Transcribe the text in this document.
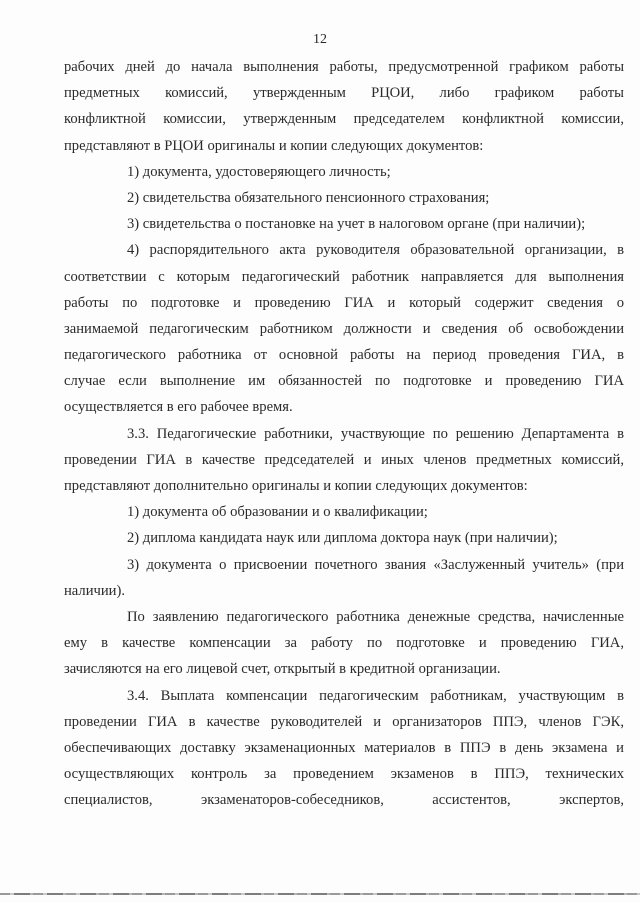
12
рабочих дней до начала выполнения работы, предусмотренной графиком работы
предметных комиссий, утвержденным РЦОИ, либо графиком работы
конфликтной комиссии, утвержденным председателем конфликтной комиссии,
представляют в РЦОИ оригиналы и копии следующих документов:
1) документа, удостоверяющего личность;
2) свидетельства обязательного пенсионного страхования;
3) свидетельства о постановке на учет в налоговом органе (при наличии);
4) распорядительного акта руководителя образовательной организации, в
соответствии с которым педагогический работник направляется для выполнения
работы по подготовке и проведению ГИА и который содержит сведения о
занимаемой педагогическим работником должности и сведения об освобождении
педагогического работника от основной работы на период проведения ГИА, в
случае если выполнение им обязанностей по подготовке и проведению ГИА
осуществляется в его рабочее время.
3.3. Педагогические работники, участвующие по решению Департамента в
проведении ГИА в качестве председателей и иных членов предметных комиссий,
представляют дополнительно оригиналы и копии следующих документов:
1) документа об образовании и о квалификации;
2) диплома кандидата наук или диплома доктора наук (при наличии);
3) документа о присвоении почетного звания «Заслуженный учитель» (при
наличии).
По заявлению педагогического работника денежные средства, начисленные
ему в качестве компенсации за работу по подготовке и проведению ГИА,
зачисляются на его лицевой счет, открытый в кредитной организации.
3.4. Выплата компенсации педагогическим работникам, участвующим в
проведении ГИА в качестве руководителей и организаторов ППЭ, членов ГЭК,
обеспечивающих доставку экзаменационных материалов в ППЭ в день экзамена и
осуществляющих контроль за проведением экзаменов в ППЭ, технических
специалистов, экзаменаторов-собеседников, ассистентов, экспертов,
